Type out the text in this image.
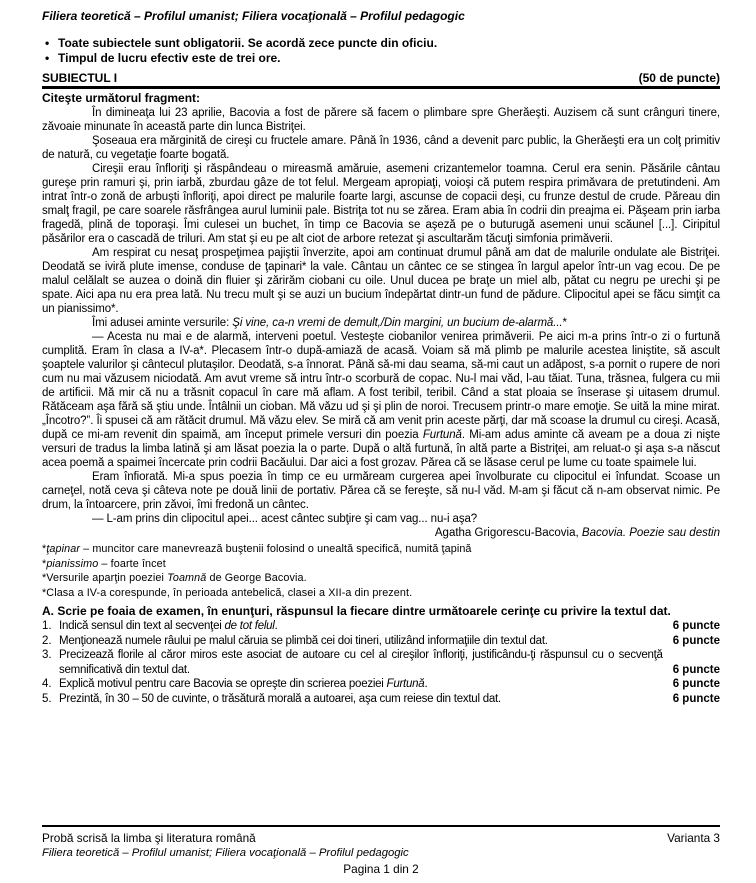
Filiera teoretică – Profilul umanist; Filiera vocaţională – Profilul pedagogic
• Toate subiectele sunt obligatorii. Se acordă zece puncte din oficiu.
• Timpul de lucru efectiv este de trei ore.
SUBIECTUL I	(50 de puncte)
Citeşte următorul fragment:

În dimineaţa lui 23 aprilie, Bacovia a fost de părere să facem o plimbare spre Gherăeşti. Auzisem că sunt crânguri tinere, zăvoaie minunate în această parte din lunca Bistriţei.

Şoseaua era mărginită de cireşi cu fructele amare. Până în 1936, când a devenit parc public, la Gherăeşti era un colţ primitiv de natură, cu vegetaţie foarte bogată.

Cireşii erau înfloriţi şi răspândeau o mireasmă amăruie, asemeni crizantemelor toamna. Cerul era senin. Păsările cântau gureşe prin ramuri şi, prin iarbă, zburdau gâze de tot felul. Mergeam apropiaţi, voioşi că putem respira primăvara de pretutindeni. Am intrat într-o zonă de arbuşti înfloriţi, apoi direct pe malurile foarte largi, ascunse de copacii deşi, cu frunze destul de crude. Păreau din smalţ fragil, pe care soarele răsfrângea aurul luminii pale. Bistriţa tot nu se zărea. Eram abia în codrii din preajma ei. Păşeam prin iarba fragedă, plină de toporaşi. Îmi culesei un buchet, în timp ce Bacovia se aşeză pe o buturugă asemeni unui scăunel [...]. Ciripitul păsărilor era o cascadă de triluri. Am stat şi eu pe alt ciot de arbore retezat şi ascultarăm tăcuţi simfonia primăverii.

Am respirat cu nesaţ prospeţimea pajiştii înverzite, apoi am continuat drumul până am dat de malurile ondulate ale Bistriţei. Deodată se iviră plute imense, conduse de ţapinari* la vale. Cântau un cântec ce se stingea în largul apelor într-un vag ecou. De pe malul celălalt se auzea o doină din fluier şi zărirăm ciobani cu oile. Unul ducea pe braţe un miel alb, pătat cu negru pe urechi şi pe spate. Aici apa nu era prea lată. Nu trecu mult şi se auzi un bucium îndepărtat dintr-un fund de pădure. Clipocitul apei se făcu simţit ca un pianissimo*.

Îmi adusei aminte versurile: Şi vine, ca-n vremi de demult,/Din margini, un bucium de-alarmă...*

— Acesta nu mai e de alarmă, interveni poetul. Vesteşte ciobanilor venirea primăverii. Pe aici m-a prins într-o zi o furtună cumplită. Eram în clasa a IV-a*. Plecasem într-o după-amiază de acasă. Voiam să mă plimb pe malurile acestea liniştite, să ascult şoaptele valurilor şi cântecul plutaşilor. Deodată, s-a înnorat. Până să-mi dau seama, să-mi caut un adăpost, s-a pornit o rupere de nori cum nu mai văzusem niciodată. Am avut vreme să intru într-o scorbură de copac. Nu-l mai văd, l-au tăiat. Tuna, trăsnea, fulgera cu mii de artificii. Mă mir că nu a trăsnit copacul în care mă aflam. A fost teribil, teribil. Când a stat ploaia se înserase şi uitasem drumul. Rătăceam aşa fără să ştiu unde. Întâlnii un cioban. Mă văzu ud şi şi plin de noroi. Trecusem printr-o mare emoţie. Se uită la mine mirat. „Încotro?”. Îi spusei că am rătăcit drumul. Mă văzu elev. Se miră că am venit prin aceste părţi, dar mă scoase la drumul cu cireşi. Acasă, după ce mi-am revenit din spaimă, am început primele versuri din poezia Furtună. Mi-am adus aminte că aveam pe a doua zi nişte versuri de tradus la limba latină şi am lăsat poezia la o parte. După o altă furtună, în altă parte a Bistriţei, am reluat-o şi aşa s-a născut acea poemă a spaimei încercate prin codrii Bacăului. Dar aici a fost grozav. Părea că se lăsase cerul pe lume cu toate spaimele lui.

Eram înfiorată. Mi-a spus poezia în timp ce eu urmăream curgerea apei învolburate cu clipocitul ei înfundat. Scoase un carneţel, notă ceva şi câteva note pe două linii de portativ. Părea că se fereşte, să nu-l văd. M-am şi făcut că n-am observat nimic. Pe drum, la întoarcere, prin zăvoi, îmi fredonă un cântec.

— L-am prins din clipocitul apei... acest cântec subţire şi cam vag... nu-i aşa?

Agatha Grigorescu-Bacovia, Bacovia. Poezie sau destin
*ţapinar – muncitor care manevrează buştenii folosind o unealtă specifică, numită ţapină
*pianissimo – foarte încet
*Versurile aparţin poeziei Toamnă de George Bacovia.
*Clasa a IV-a corespunde, în perioada antebelică, clasei a XII-a din prezent.
A. Scrie pe foaia de examen, în enunţuri, răspunsul la fiecare dintre următoarele cerinţe cu privire la textul dat.
1. Indică sensul din text al secvenţei de tot felul.	6 puncte
2. Menţionează numele râului pe malul căruia se plimbă cei doi tineri, utilizând informaţiile din textul dat.	6 puncte
3. Precizează florile al căror miros este asociat de autoare cu cel al cireşilor înfloriţi, justificându-ţi răspunsul cu o secvenţă semnificativă din textul dat.	6 puncte
4. Explică motivul pentru care Bacovia se opreşte din scrierea poeziei Furtună.	6 puncte
5. Prezintă, în 30 – 50 de cuvinte, o trăsătură morală a autoarei, aşa cum reiese din textul dat.	6 puncte
Probă scrisă la limba şi literatura română	Varianta 3
Filiera teoretică – Profilul umanist; Filiera vocaţională – Profilul pedagogic
Pagina 1 din 2
